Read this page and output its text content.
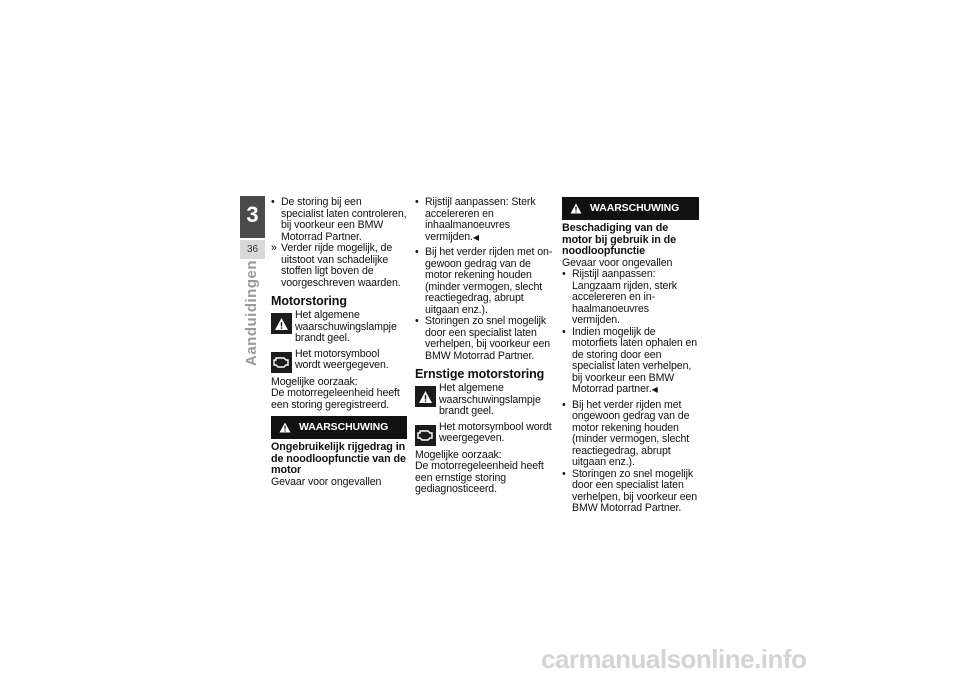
3
36
Aanduidingen
• De storing bij een specialist laten controleren, bij voorkeur een BMW Motorrad Partner.
» Verder rijde mogelijk, de uitstoot van schadelijke stoffen ligt boven de voorgeschreven waarden.
Motorstoring
Het algemene waarschuwingslampje brandt geel.
Het motorsymbool wordt weergegeven.

Mogelijke oorzaak:

De motorregeleenheid heeft een storing geregistreerd.

WAARSCHUWING

Ongebruikelijk rijgedrag in de noodloopfunctie van de motor

Gevaar voor ongevallen

• Rijstijl aanpassen: Sterk accelereren en inhaalmanoeuvres vermijden.◀
• Bij het verder rijden met ongewoon gedrag van de motor rekening houden (minder vermogen, slecht reactiegedrag, abrupt uitgaan enz.).
• Storingen zo snel mogelijk door een specialist laten verhelpen, bij voorkeur een BMW Motorrad Partner.
Ernstige motorstoring
Het algemene waarschuwingslampje brandt geel.
Het motorsymbool wordt weergegeven.

Mogelijke oorzaak:

De motorregeleenheid heeft een ernstige storing gediagnosticeerd.

WAARSCHUWING

Beschadiging van de motor bij gebruik in de noodloopfunctie

Gevaar voor ongevallen

• Rijstijl aanpassen: Langzaam rijden, sterk accelereren en inhaalmanoeuvres vermijden.
• Indien mogelijk de motorfiets laten ophalen en de storing door een specialist laten verhelpen, bij voorkeur een BMW Motorrad partner.◀
• Bij het verder rijden met ongewoon gedrag van de motor rekening houden (minder vermogen, slecht reactiegedrag, abrupt uitgaan enz.).
• Storingen zo snel mogelijk door een specialist laten verhelpen, bij voorkeur een BMW Motorrad Partner.
carmanualsonline.info
